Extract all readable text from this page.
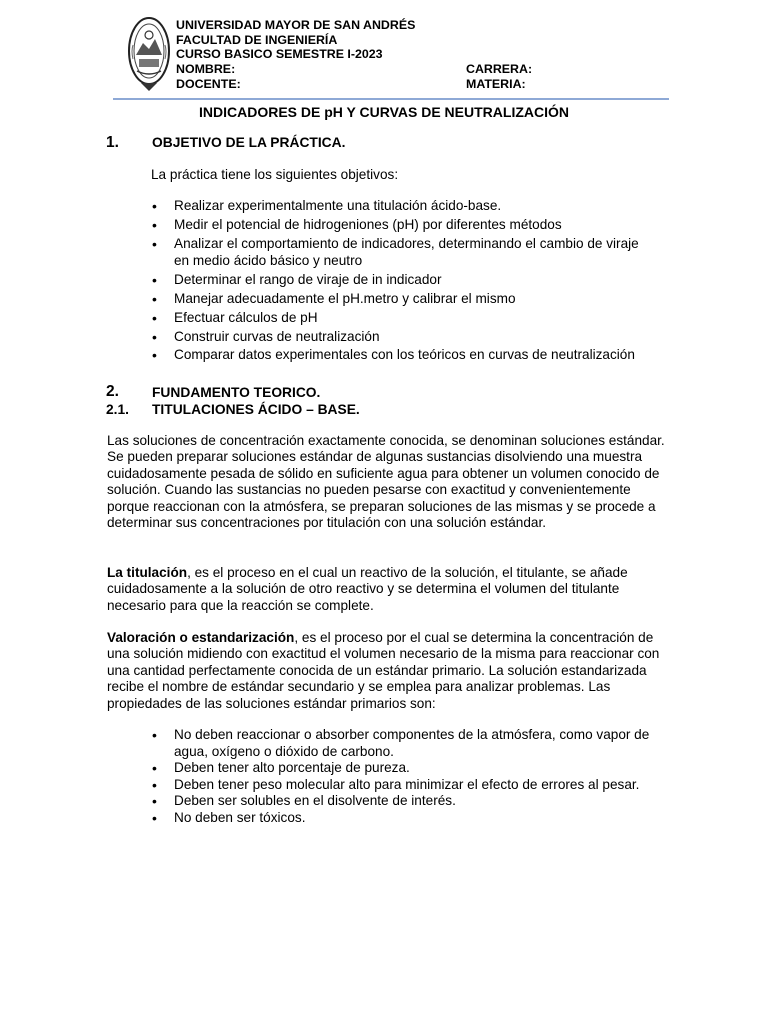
UNIVERSIDAD MAYOR DE SAN ANDRÉS
FACULTAD DE INGENIERÍA
CURSO BASICO SEMESTRE I-2023
NOMBRE:
DOCENTE:
CARRERA:
MATERIA:
INDICADORES DE pH Y CURVAS DE NEUTRALIZACIÓN
1. OBJETIVO DE LA PRÁCTICA.
La práctica tiene los siguientes objetivos:
• Realizar experimentalmente una titulación ácido-base.
• Medir el potencial de hidrogeniones (pH) por diferentes métodos
• Analizar el comportamiento de indicadores, determinando el cambio de viraje en medio ácido básico y neutro
• Determinar el rango de viraje de in indicador
• Manejar adecuadamente el pH.metro y calibrar el mismo
• Efectuar cálculos de pH
• Construir curvas de neutralización
• Comparar datos experimentales con los teóricos en curvas de neutralización
2. FUNDAMENTO TEORICO.
2.1. TITULACIONES ÁCIDO – BASE.

Las soluciones de concentración exactamente conocida, se denominan soluciones estándar. Se pueden preparar soluciones estándar de algunas sustancias disolviendo una muestra cuidadosamente pesada de sólido en suficiente agua para obtener un volumen conocido de solución. Cuando las sustancias no pueden pesarse con exactitud y convenientemente porque reaccionan con la atmósfera, se preparan soluciones de las mismas y se procede a determinar sus concentraciones por titulación con una solución estándar.

La titulación, es el proceso en el cual un reactivo de la solución, el titulante, se añade cuidadosamente a la solución de otro reactivo y se determina el volumen del titulante necesario para que la reacción se complete.

Valoración o estandarización, es el proceso por el cual se determina la concentración de una solución midiendo con exactitud el volumen necesario de la misma para reaccionar con una cantidad perfectamente conocida de un estándar primario. La solución estandarizada recibe el nombre de estándar secundario y se emplea para analizar problemas. Las propiedades de las soluciones estándar primarios son:

• No deben reaccionar o absorber componentes de la atmósfera, como vapor de agua, oxígeno o dióxido de carbono.
• Deben tener alto porcentaje de pureza.
• Deben tener peso molecular alto para minimizar el efecto de errores al pesar.
• Deben ser solubles en el disolvente de interés.
• No deben ser tóxicos.
